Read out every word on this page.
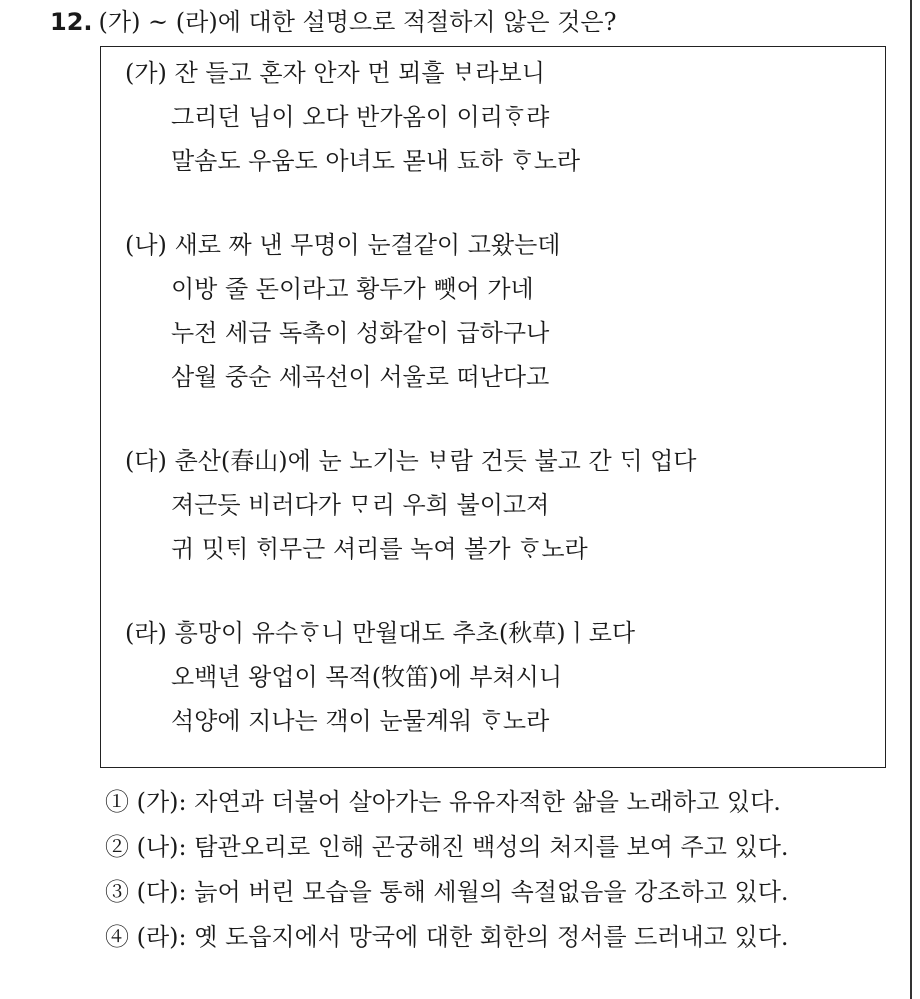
12. (가) ~ (라)에 대한 설명으로 적절하지 않은 것은?
(가) 잔 들고 혼자 안자 먼 뫼흘 ᄇᆞ라보니
그리던 님이 오다 반가옴이 이리ᄒᆞ랴
말솜도 우움도 아녀도 몯내 됴하 ᄒᆞ노라
(나) 새로 짜 낸 무명이 눈결같이 고왔는데
이방 줄 돈이라고 황두가 뺏어 가네
누전 세금 독촉이 성화같이 급하구나
삼월 중순 세곡선이 서울로 떠난다고
(다) 춘산(春山)에 눈 노기는 ᄇᆞ람 건듯 불고 간 ᄃᆡ 업다
져근듯 비러다가 ᄆᆞ리 우희 불이고져
귀 밋ᄐᆡ ᄒᆡ무근 셔리를 녹여 볼가 ᄒᆞ노라
(라) 흥망이 유수ᄒᆞ니 만월대도 추초(秋草)ㅣ로다
오백년 왕업이 목적(牧笛)에 부쳐시니
석양에 지나는 객이 눈물계워 ᄒᆞ노라
① (가): 자연과 더불어 살아가는 유유자적한 삶을 노래하고 있다.
② (나): 탐관오리로 인해 곤궁해진 백성의 처지를 보여 주고 있다.
③ (다): 늙어 버린 모습을 통해 세월의 속절없음을 강조하고 있다.
④ (라): 옛 도읍지에서 망국에 대한 회한의 정서를 드러내고 있다.
